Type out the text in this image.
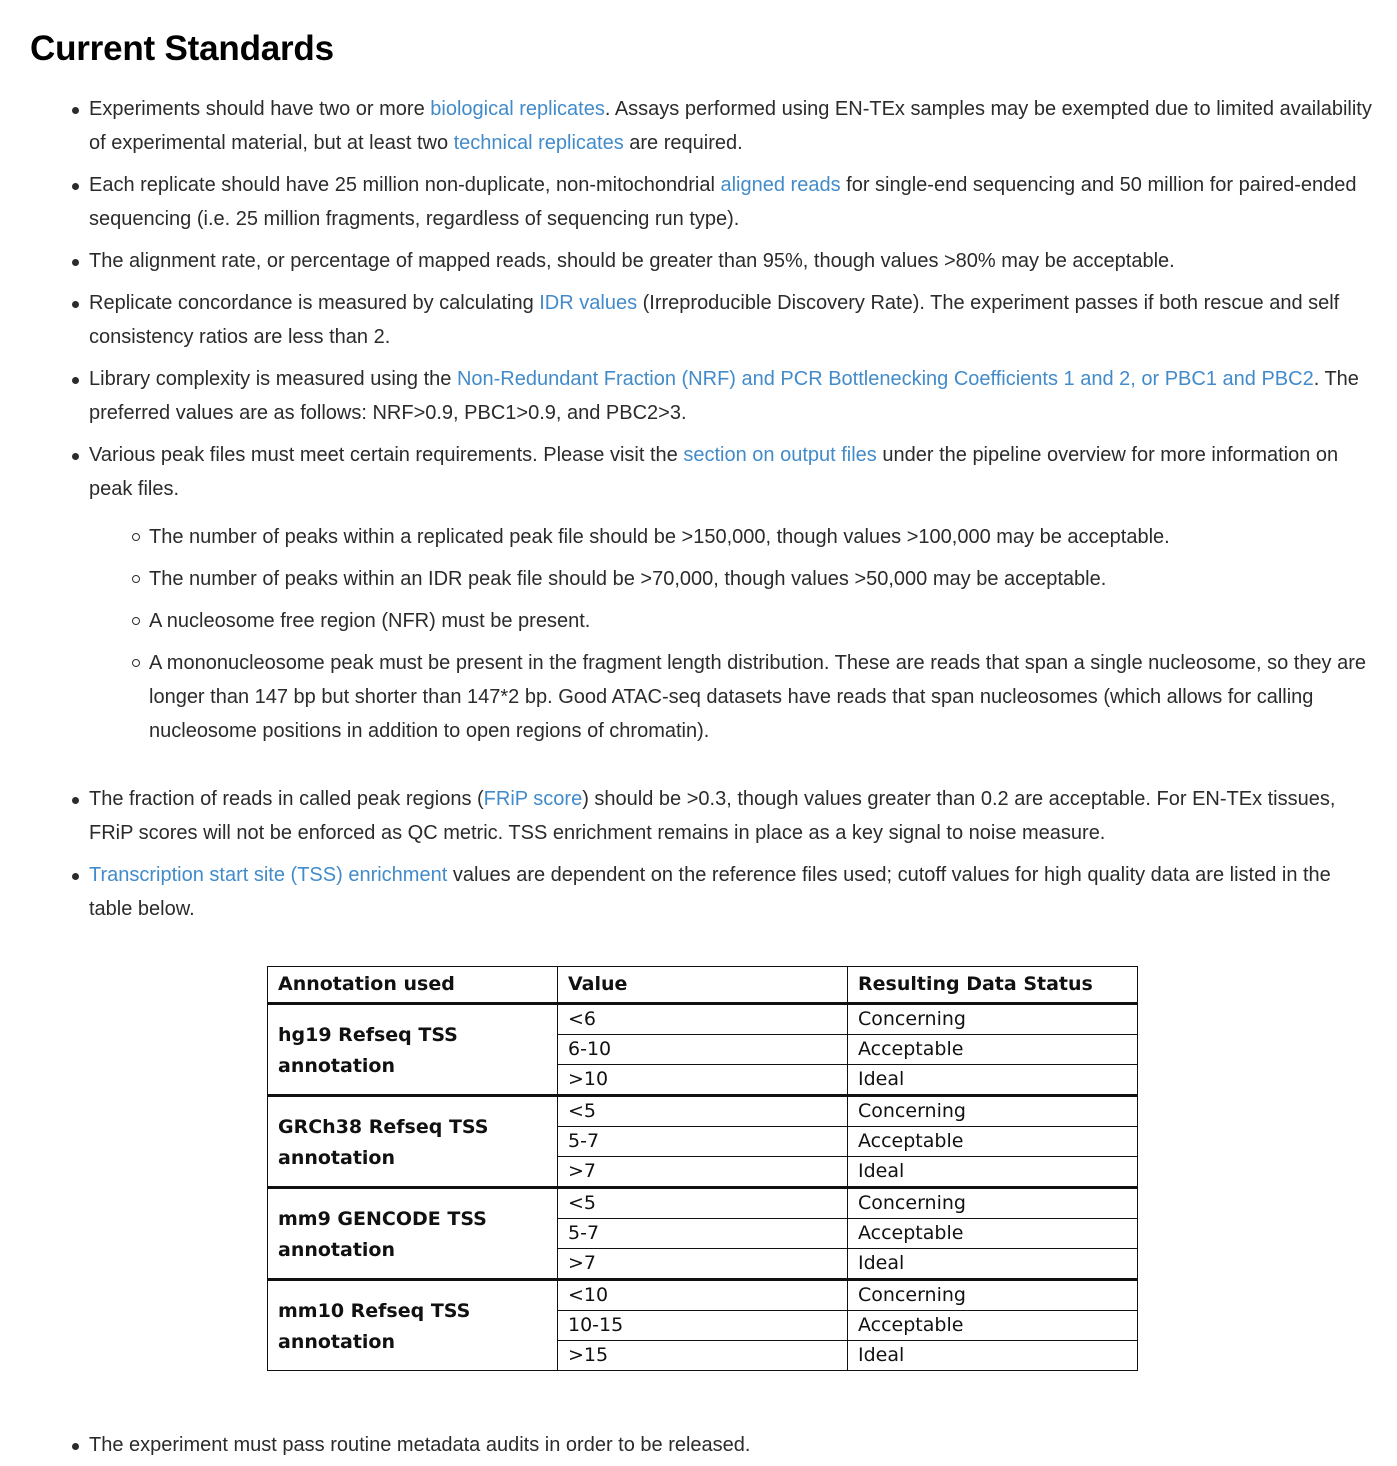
Current Standards
Experiments should have two or more biological replicates. Assays performed using EN-TEx samples may be exempted due to limited availability of experimental material, but at least two technical replicates are required.
Each replicate should have 25 million non-duplicate, non-mitochondrial aligned reads for single-end sequencing and 50 million for paired-ended sequencing (i.e. 25 million fragments, regardless of sequencing run type).
The alignment rate, or percentage of mapped reads, should be greater than 95%, though values >80% may be acceptable.
Replicate concordance is measured by calculating IDR values (Irreproducible Discovery Rate). The experiment passes if both rescue and self consistency ratios are less than 2.
Library complexity is measured using the Non-Redundant Fraction (NRF) and PCR Bottlenecking Coefficients 1 and 2, or PBC1 and PBC2. The preferred values are as follows: NRF>0.9, PBC1>0.9, and PBC2>3.
Various peak files must meet certain requirements. Please visit the section on output files under the pipeline overview for more information on peak files.
The number of peaks within a replicated peak file should be >150,000, though values >100,000 may be acceptable.
The number of peaks within an IDR peak file should be >70,000, though values >50,000 may be acceptable.
A nucleosome free region (NFR) must be present.
A mononucleosome peak must be present in the fragment length distribution. These are reads that span a single nucleosome, so they are longer than 147 bp but shorter than 147*2 bp. Good ATAC-seq datasets have reads that span nucleosomes (which allows for calling nucleosome positions in addition to open regions of chromatin).
The fraction of reads in called peak regions (FRiP score) should be >0.3, though values greater than 0.2 are acceptable. For EN-TEx tissues, FRiP scores will not be enforced as QC metric. TSS enrichment remains in place as a key signal to noise measure.
Transcription start site (TSS) enrichment values are dependent on the reference files used; cutoff values for high quality data are listed in the table below.
Annotation used	Value	Resulting Data Status
hg19 Refseq TSS annotation	<6	Concerning
	6-10	Acceptable
	>10	Ideal
GRCh38 Refseq TSS annotation	<5	Concerning
	5-7	Acceptable
	>7	Ideal
mm9 GENCODE TSS annotation	<5	Concerning
	5-7	Acceptable
	>7	Ideal
mm10 Refseq TSS annotation	<10	Concerning
	10-15	Acceptable
	>15	Ideal
The experiment must pass routine metadata audits in order to be released.
